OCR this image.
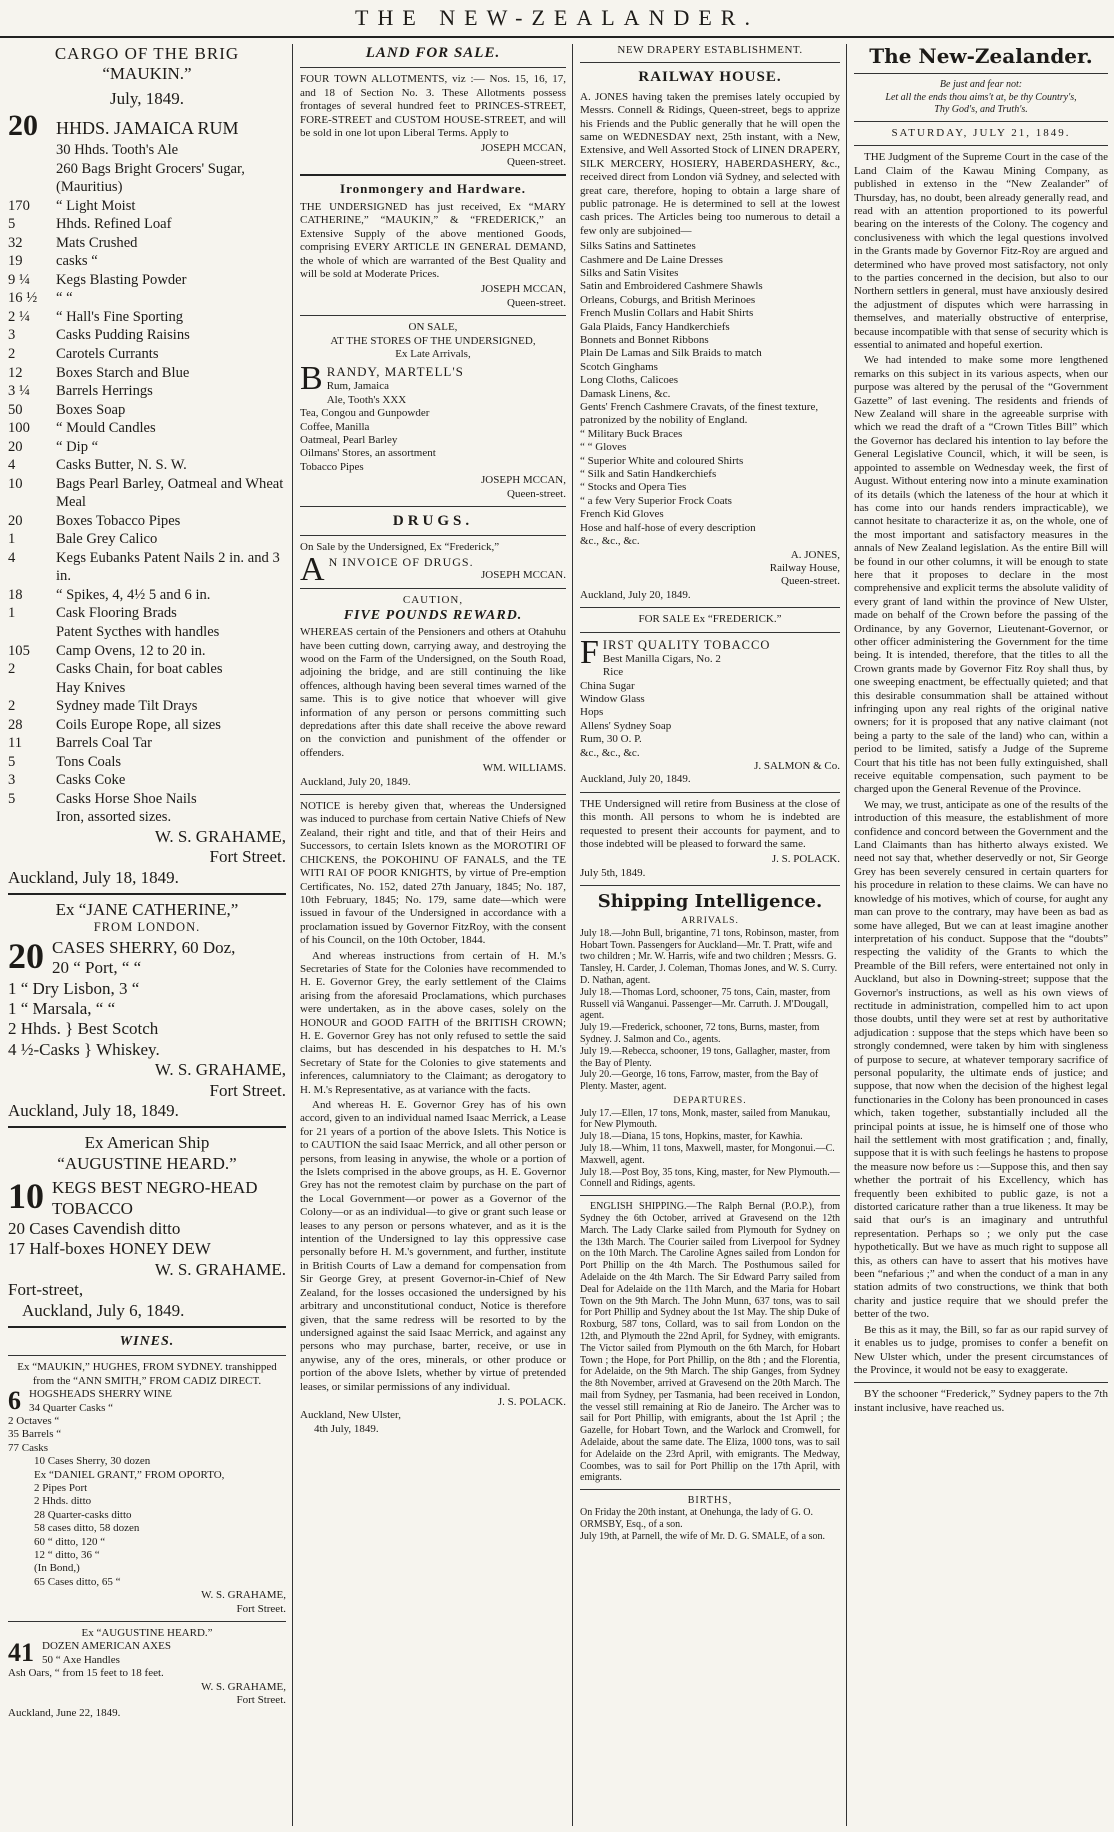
THE NEW-ZEALANDER.
CARGO OF THE BRIG
“MAUKIN.”
July, 1849.
20	HHDS. JAMAICA RUM
30 Hhds. Tooth's Ale
260 Bags Bright Grocers' Sugar, (Mauritius)
170	“ Light Moist
5	Hhds. Refined Loaf
32	Mats Crushed
19	casks “
9 ¼	Kegs Blasting Powder
16 ½	“ “
2 ¼	“ Hall's Fine Sporting
3	Casks Pudding Raisins
2	Carotels Currants
12	Boxes Starch and Blue
3 ¼	Barrels Herrings
50	Boxes Soap
100	“ Mould Candles
20	“ Dip “
4	Casks Butter, N. S. W.
10	Bags Pearl Barley, Oatmeal and Wheat Meal
20	Boxes Tobacco Pipes
1	Bale Grey Calico
4	Kegs Eubanks Patent Nails 2 in. and 3 in.
18	“ Spikes, 4, 4½ 5 and 6 in.
1	Cask Flooring Brads
Patent Sycthes with handles
105	Camp Ovens, 12 to 20 in.
2	Casks Chain, for boat cables
Hay Knives
2	Sydney made Tilt Drays
28	Coils Europe Rope, all sizes
11	Barrels Coal Tar
5	Tons Coals
3	Casks Coke
5	Casks Horse Shoe Nails
Iron, assorted sizes.
W. S. GRAHAME,
Fort Street.
Auckland, July 18, 1849.
Ex “JANE CATHERINE,”
FROM LONDON.
20 CASES SHERRY, 60 Doz,
20 “ Port, “ “
1 “ Dry Lisbon, 3 “
1 “ Marsala, “ “
2 Hhds. } Best Scotch
4 ½-Casks } Whiskey.
W. S. GRAHAME,
Fort Street.
Auckland, July 18, 1849.
Ex American Ship
“AUGUSTINE HEARD.”
10 KEGS BEST NEGRO-HEAD TOBACCO
20 Cases Cavendish ditto
17 Half-boxes HONEY DEW
W. S. GRAHAME.
Fort-street,
Auckland, July 6, 1849.
WINES.
Ex “MAUKIN,” HUGHES, FROM SYDNEY. transhipped from the “ANN SMITH,” FROM CADIZ DIRECT.
6 HOGSHEADS SHERRY WINE
34 Quarter Casks “
2 Octaves “
35 Barrels “
77 Casks
10 Cases Sherry, 30 dozen
Ex “DANIEL GRANT,” FROM OPORTO,
2 Pipes Port
2 Hhds. ditto
28 Quarter-casks ditto
58 cases ditto, 58 dozen
60 “ ditto, 120 “
12 “ ditto, 36 “
(In Bond,)
65 Cases ditto, 65 “
W. S. GRAHAME,
Fort Street.
Ex “AUGUSTINE HEARD.”
41 DOZEN AMERICAN AXES
50 “ Axe Handles
Ash Oars, “ from 15 feet to 18 feet.
W. S. GRAHAME,
Fort Street.
Auckland, June 22, 1849.
LAND FOR SALE.

FOUR TOWN ALLOTMENTS, viz :— Nos. 15, 16, 17, and 18 of Section No. 3. These Allotments possess frontages of several hundred feet to PRINCES-STREET, FORE-STREET and CUSTOM HOUSE-STREET, and will be sold in one lot upon Liberal Terms. Apply to

JOSEPH MCCAN,
Queen-street.
Ironmongery and Hardware.

THE UNDERSIGNED has just received, Ex “MARY CATHERINE,” “MAUKIN,” & “FREDERICK,” an Extensive Supply of the above mentioned Goods, comprising EVERY ARTICLE IN GENERAL DEMAND, the whole of which are warranted of the Best Quality and will be sold at Moderate Prices.

JOSEPH MCCAN,
Queen-street.
ON SALE,
AT THE STORES OF THE UNDERSIGNED,
Ex Late Arrivals,
B RANDY, MARTELL'S
Rum, Jamaica
Ale, Tooth's XXX
Tea, Congou and Gunpowder
Coffee, Manilla
Oatmeal, Pearl Barley
Oilmans' Stores, an assortment
Tobacco Pipes
JOSEPH MCCAN,
Queen-street.
DRUGS.
On Sale by the Undersigned, Ex “Frederick,”
A N INVOICE OF DRUGS.
JOSEPH MCCAN.
CAUTION,
FIVE POUNDS REWARD.

WHEREAS certain of the Pensioners and others at Otahuhu have been cutting down, carrying away, and destroying the wood on the Farm of the Undersigned, on the South Road, adjoining the bridge, and are still continuing the like offences, although having been several times warned of the same. This is to give notice that whoever will give information of any person or persons committing such depredations after this date shall receive the above reward on the conviction and punishment of the offender or offenders.

WM. WILLIAMS.
Auckland, July 20, 1849.

NOTICE is hereby given that, whereas the Undersigned was induced to purchase from certain Native Chiefs of New Zealand, their right and title, and that of their Heirs and Successors, to certain Islets known as the MOROTIRI OF CHICKENS, the POKOHINU OF FANALS, and the TE WITI RAI OF POOR KNIGHTS, by virtue of Pre-emption Certificates, No. 152, dated 27th January, 1845; No. 187, 10th February, 1845; No. 179, same date—which were issued in favour of the Undersigned in accordance with a proclamation issued by Governor FitzRoy, with the consent of his Council, on the 10th October, 1844.

And whereas instructions from certain of H. M.'s Secretaries of State for the Colonies have recommended to H. E. Governor Grey, the early settlement of the Claims arising from the aforesaid Proclamations, which purchases were undertaken, as in the above cases, solely on the HONOUR and GOOD FAITH of the BRITISH CROWN; H. E. Governor Grey has not only refused to settle the said claims, but has descended in his despatches to H. M.'s Secretary of State for the Colonies to give statements and inferences, calumniatory to the Claimant; as derogatory to H. M.'s Representative, as at variance with the facts.

And whereas H. E. Governor Grey has of his own accord, given to an individual named Isaac Merrick, a Lease for 21 years of a portion of the above Islets. This Notice is to CAUTION the said Isaac Merrick, and all other person or persons, from leasing in anywise, the whole or a portion of the Islets comprised in the above groups, as H. E. Governor Grey has not the remotest claim by purchase on the part of the Local Government—or power as a Governor of the Colony—or as an individual—to give or grant such lease or leases to any person or persons whatever, and as it is the intention of the Undersigned to lay this oppressive case personally before H. M.'s government, and further, institute in British Courts of Law a demand for compensation from Sir George Grey, at present Governor-in-Chief of New Zealand, for the losses occasioned the undersigned by his arbitrary and unconstitutional conduct, Notice is therefore given, that the same redress will be resorted to by the undersigned against the said Isaac Merrick, and against any persons who may purchase, barter, receive, or use in anywise, any of the ores, minerals, or other produce or portion of the above Islets, whether by virtue of pretended leases, or similar permissions of any individual.

J. S. POLACK.
Auckland, New Ulster,
4th July, 1849.
NEW DRAPERY ESTABLISHMENT.
RAILWAY HOUSE.

A. JONES having taken the premises lately occupied by Messrs. Connell & Ridings, Queen-street, begs to apprize his Friends and the Public generally that he will open the same on WEDNESDAY next, 25th instant, with a New, Extensive, and Well Assorted Stock of LINEN DRAPERY, SILK MERCERY, HOSIERY, HABERDASHERY, &c., received direct from London viâ Sydney, and selected with great care, therefore, hoping to obtain a large share of public patronage. He is determined to sell at the lowest cash prices. The Articles being too numerous to detail a few only are subjoined—

Silks Satins and Sattinetes
Cashmere and De Laine Dresses
Silks and Satin Visites
Satin and Embroidered Cashmere Shawls
Orleans, Coburgs, and British Merinoes
French Muslin Collars and Habit Shirts
Gala Plaids, Fancy Handkerchiefs
Bonnets and Bonnet Ribbons
Plain De Lamas and Silk Braids to match
Scotch Ginghams
Long Cloths, Calicoes
Damask Linens, &c.
Gents' French Cashmere Cravats, of the finest texture, patronized by the nobility of England.
“ Military Buck Braces
“ “ Gloves
“ Superior White and coloured Shirts
“ Silk and Satin Handkerchiefs
“ Stocks and Opera Ties
“ a few Very Superior Frock Coats
French Kid Gloves
Hose and half-hose of every description
&c., &c., &c.
A. JONES,
Railway House,
Queen-street.
Auckland, July 20, 1849.
FOR SALE Ex “FREDERICK.”
F IRST QUALITY TOBACCO
Best Manilla Cigars, No. 2
Rice
China Sugar
Window Glass
Hops
Allens' Sydney Soap
Rum, 30 O. P.
&c., &c., &c.
J. SALMON & Co.
Auckland, July 20, 1849.

THE Undersigned will retire from Business at the close of this month. All persons to whom he is indebted are requested to present their accounts for payment, and to those indebted will be pleased to forward the same.

J. S. POLACK.
July 5th, 1849.
Shipping Intelligence.
ARRIVALS.
July 18.—John Bull, brigantine, 71 tons, Robinson, master, from Hobart Town. Passengers for Auckland—Mr. T. Pratt, wife and two children ; Mr. W. Harris, wife and two children ; Messrs. G. Tansley, H. Carder, J. Coleman, Thomas Jones, and W. S. Curry. D. Nathan, agent.
July 18.—Thomas Lord, schooner, 75 tons, Cain, master, from Russell viâ Wanganui. Passenger—Mr. Carruth. J. M'Dougall, agent.
July 19.—Frederick, schooner, 72 tons, Burns, master, from Sydney. J. Salmon and Co., agents.
July 19.—Rebecca, schooner, 19 tons, Gallagher, master, from the Bay of Plenty.
July 20.—George, 16 tons, Farrow, master, from the Bay of Plenty. Master, agent.
DEPARTURES.
July 17.—Ellen, 17 tons, Monk, master, sailed from Manukau, for New Plymouth.
July 18.—Diana, 15 tons, Hopkins, master, for Kawhia.
July 18.—Whim, 11 tons, Maxwell, master, for Mongonui.—C. Maxwell, agent.
July 18.—Post Boy, 35 tons, King, master, for New Plymouth.—Connell and Ridings, agents.

ENGLISH SHIPPING.—The Ralph Bernal (P.O.P.), from Sydney the 6th October, arrived at Gravesend on the 12th March. The Lady Clarke sailed from Plymouth for Sydney on the 13th March. The Courier sailed from Liverpool for Sydney on the 10th March. The Caroline Agnes sailed from London for Port Phillip on the 4th March. The Posthumous sailed for Adelaide on the 4th March. The Sir Edward Parry sailed from Deal for Adelaide on the 11th March, and the Maria for Hobart Town on the 9th March. The John Munn, 637 tons, was to sail for Port Phillip and Sydney about the 1st May. The ship Duke of Roxburg, 587 tons, Collard, was to sail from London on the 12th, and Plymouth the 22nd April, for Sydney, with emigrants. The Victor sailed from Plymouth on the 6th March, for Hobart Town ; the Hope, for Port Phillip, on the 8th ; and the Florentia, for Adelaide, on the 9th March. The ship Ganges, from Sydney the 8th November, arrived at Gravesend on the 20th March. The mail from Sydney, per Tasmania, had been received in London, the vessel still remaining at Rio de Janeiro. The Archer was to sail for Port Phillip, with emigrants, about the 1st April ; the Gazelle, for Hobart Town, and the Warlock and Cromwell, for Adelaide, about the same date. The Eliza, 1000 tons, was to sail for Adelaide on the 23rd April, with emigrants. The Medway, Coombes, was to sail for Port Phillip on the 17th April, with emigrants.

BIRTHS,
On Friday the 20th instant, at Onehunga, the lady of G. O. ORMSBY, Esq., of a son.
July 19th, at Parnell, the wife of Mr. D. G. SMALE, of a son.
The New-Zealander.
Be just and fear not:
Let all the ends thou aims't at, be thy Country's,
Thy God's, and Truth's.
SATURDAY, JULY 21, 1849.

THE Judgment of the Supreme Court in the case of the Land Claim of the Kawau Mining Company, as published in extenso in the “New Zealander” of Thursday, has, no doubt, been already generally read, and read with an attention proportioned to its powerful bearing on the interests of the Colony. The cogency and conclusiveness with which the legal questions involved in the Grants made by Governor Fitz-Roy are argued and determined who have proved most satisfactory, not only to the parties concerned in the decision, but also to our Northern settlers in general, must have anxiously desired the adjustment of disputes which were harrassing in themselves, and materially obstructive of enterprise, because incompatible with that sense of security which is essential to animated and hopeful exertion.

We had intended to make some more lengthened remarks on this subject in its various aspects, when our purpose was altered by the perusal of the “Government Gazette” of last evening. The residents and friends of New Zealand will share in the agreeable surprise with which we read the draft of a “Crown Titles Bill” which the Governor has declared his intention to lay before the General Legislative Council, which, it will be seen, is appointed to assemble on Wednesday week, the first of August. Without entering now into a minute examination of its details (which the lateness of the hour at which it has come into our hands renders impracticable), we cannot hesitate to characterize it as, on the whole, one of the most important and satisfactory measures in the annals of New Zealand legislation. As the entire Bill will be found in our other columns, it will be enough to state here that it proposes to declare in the most comprehensive and explicit terms the absolute validity of every grant of land within the province of New Ulster, made on behalf of the Crown before the passing of the Ordinance, by any Governor, Lieutenant-Governor, or other officer administering the Government for the time being. It is intended, therefore, that the titles to all the Crown grants made by Governor Fitz Roy shall thus, by one sweeping enactment, be effectually quieted; and that this desirable consummation shall be attained without infringing upon any real rights of the original native owners; for it is proposed that any native claimant (not being a party to the sale of the land) who can, within a period to be limited, satisfy a Judge of the Supreme Court that his title has not been fully extinguished, shall receive equitable compensation, such payment to be charged upon the General Revenue of the Province.

We may, we trust, anticipate as one of the results of the introduction of this measure, the establishment of more confidence and concord between the Government and the Land Claimants than has hitherto always existed. We need not say that, whether deservedly or not, Sir George Grey has been severely censured in certain quarters for his procedure in relation to these claims. We can have no knowledge of his motives, which of course, for aught any man can prove to the contrary, may have been as bad as some have alleged, But we can at least imagine another interpretation of his conduct. Suppose that the “doubts” respecting the validity of the Grants to which the Preamble of the Bill refers, were entertained not only in Auckland, but also in Downing-street; suppose that the Governor's instructions, as well as his own views of rectitude in administration, compelled him to act upon those doubts, until they were set at rest by authoritative adjudication : suppose that the steps which have been so strongly condemned, were taken by him with singleness of purpose to secure, at whatever temporary sacrifice of personal popularity, the ultimate ends of justice; and suppose, that now when the decision of the highest legal functionaries in the Colony has been pronounced in cases which, taken together, substantially included all the principal points at issue, he is himself one of those who hail the settlement with most gratification ; and, finally, suppose that it is with such feelings he hastens to propose the measure now before us :—Suppose this, and then say whether the portrait of his Excellency, which has frequently been exhibited to public gaze, is not a distorted caricature rather than a true likeness. It may be said that our's is an imaginary and untruthful representation. Perhaps so ; we only put the case hypothetically. But we have as much right to suppose all this, as others can have to assert that his motives have been “nefarious ;” and when the conduct of a man in any station admits of two constructions, we think that both charity and justice require that we should prefer the better of the two.

Be this as it may, the Bill, so far as our rapid survey of it enables us to judge, promises to confer a benefit on New Ulster which, under the present circumstances of the Province, it would not be easy to exaggerate.

BY the schooner “Frederick,” Sydney papers to the 7th instant inclusive, have reached us.
